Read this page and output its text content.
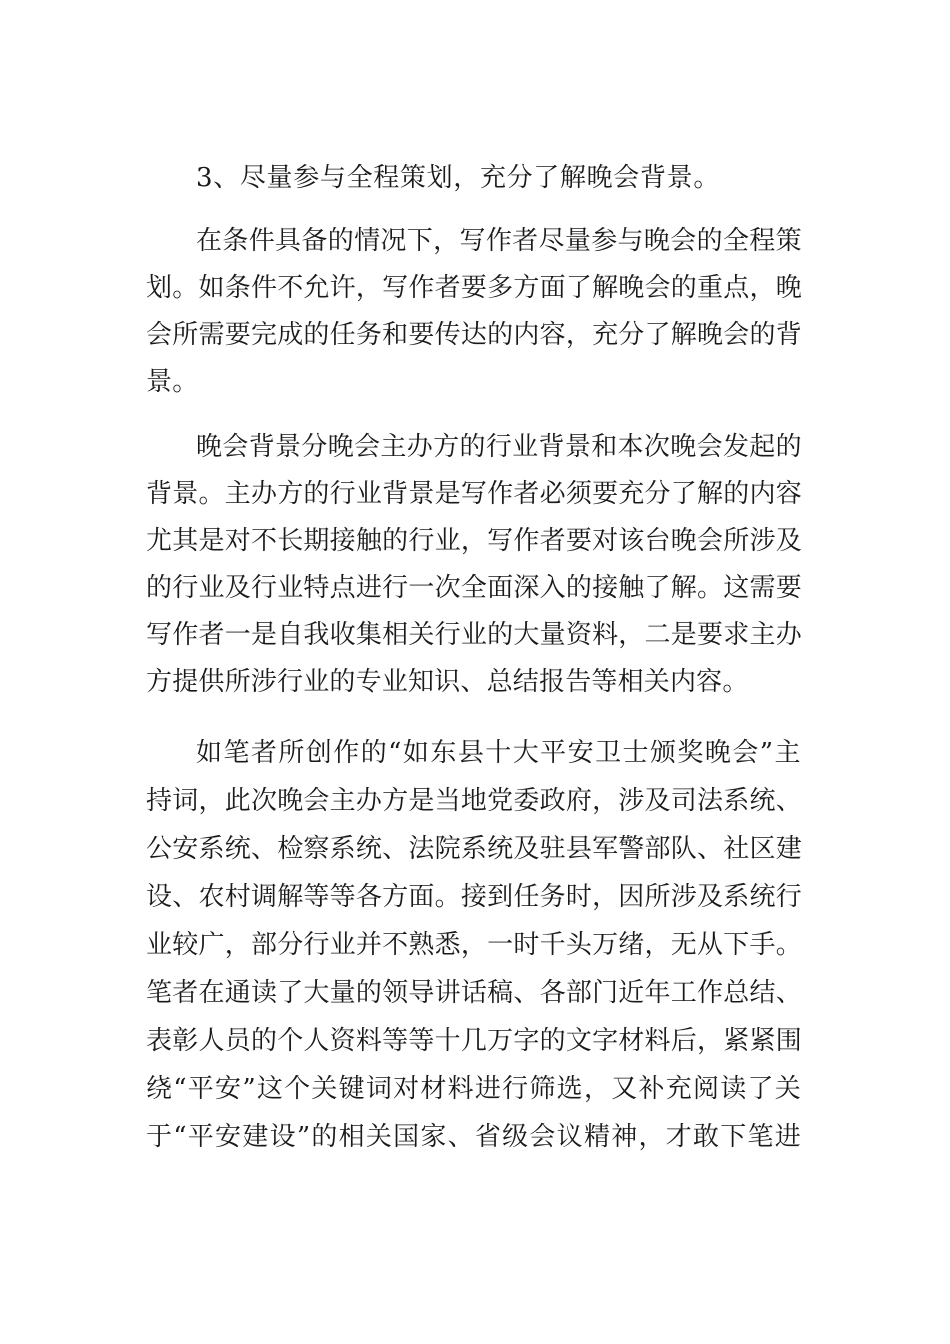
3、尽量参与全程策划，充分了解晚会背景。
在条件具备的情况下，写作者尽量参与晚会的全程策
划。如条件不允许，写作者要多方面了解晚会的重点，晚
会所需要完成的任务和要传达的内容，充分了解晚会的背
景。
晚会背景分晚会主办方的行业背景和本次晚会发起的
背景。主办方的行业背景是写作者必须要充分了解的内容
尤其是对不长期接触的行业，写作者要对该台晚会所涉及
的行业及行业特点进行一次全面深入的接触了解。这需要
写作者一是自我收集相关行业的大量资料，二是要求主办
方提供所涉行业的专业知识、总结报告等相关内容。
如笔者所创作的“如东县十大平安卫士颁奖晚会”主
持词，此次晚会主办方是当地党委政府，涉及司法系统、
公安系统、检察系统、法院系统及驻县军警部队、社区建
设、农村调解等等各方面。接到任务时，因所涉及系统行
业较广，部分行业并不熟悉，一时千头万绪，无从下手。
笔者在通读了大量的领导讲话稿、各部门近年工作总结、
表彰人员的个人资料等等十几万字的文字材料后，紧紧围
绕“平安”这个关键词对材料进行筛选，又补充阅读了关
于“平安建设”的相关国家、省级会议精神，才敢下笔进
